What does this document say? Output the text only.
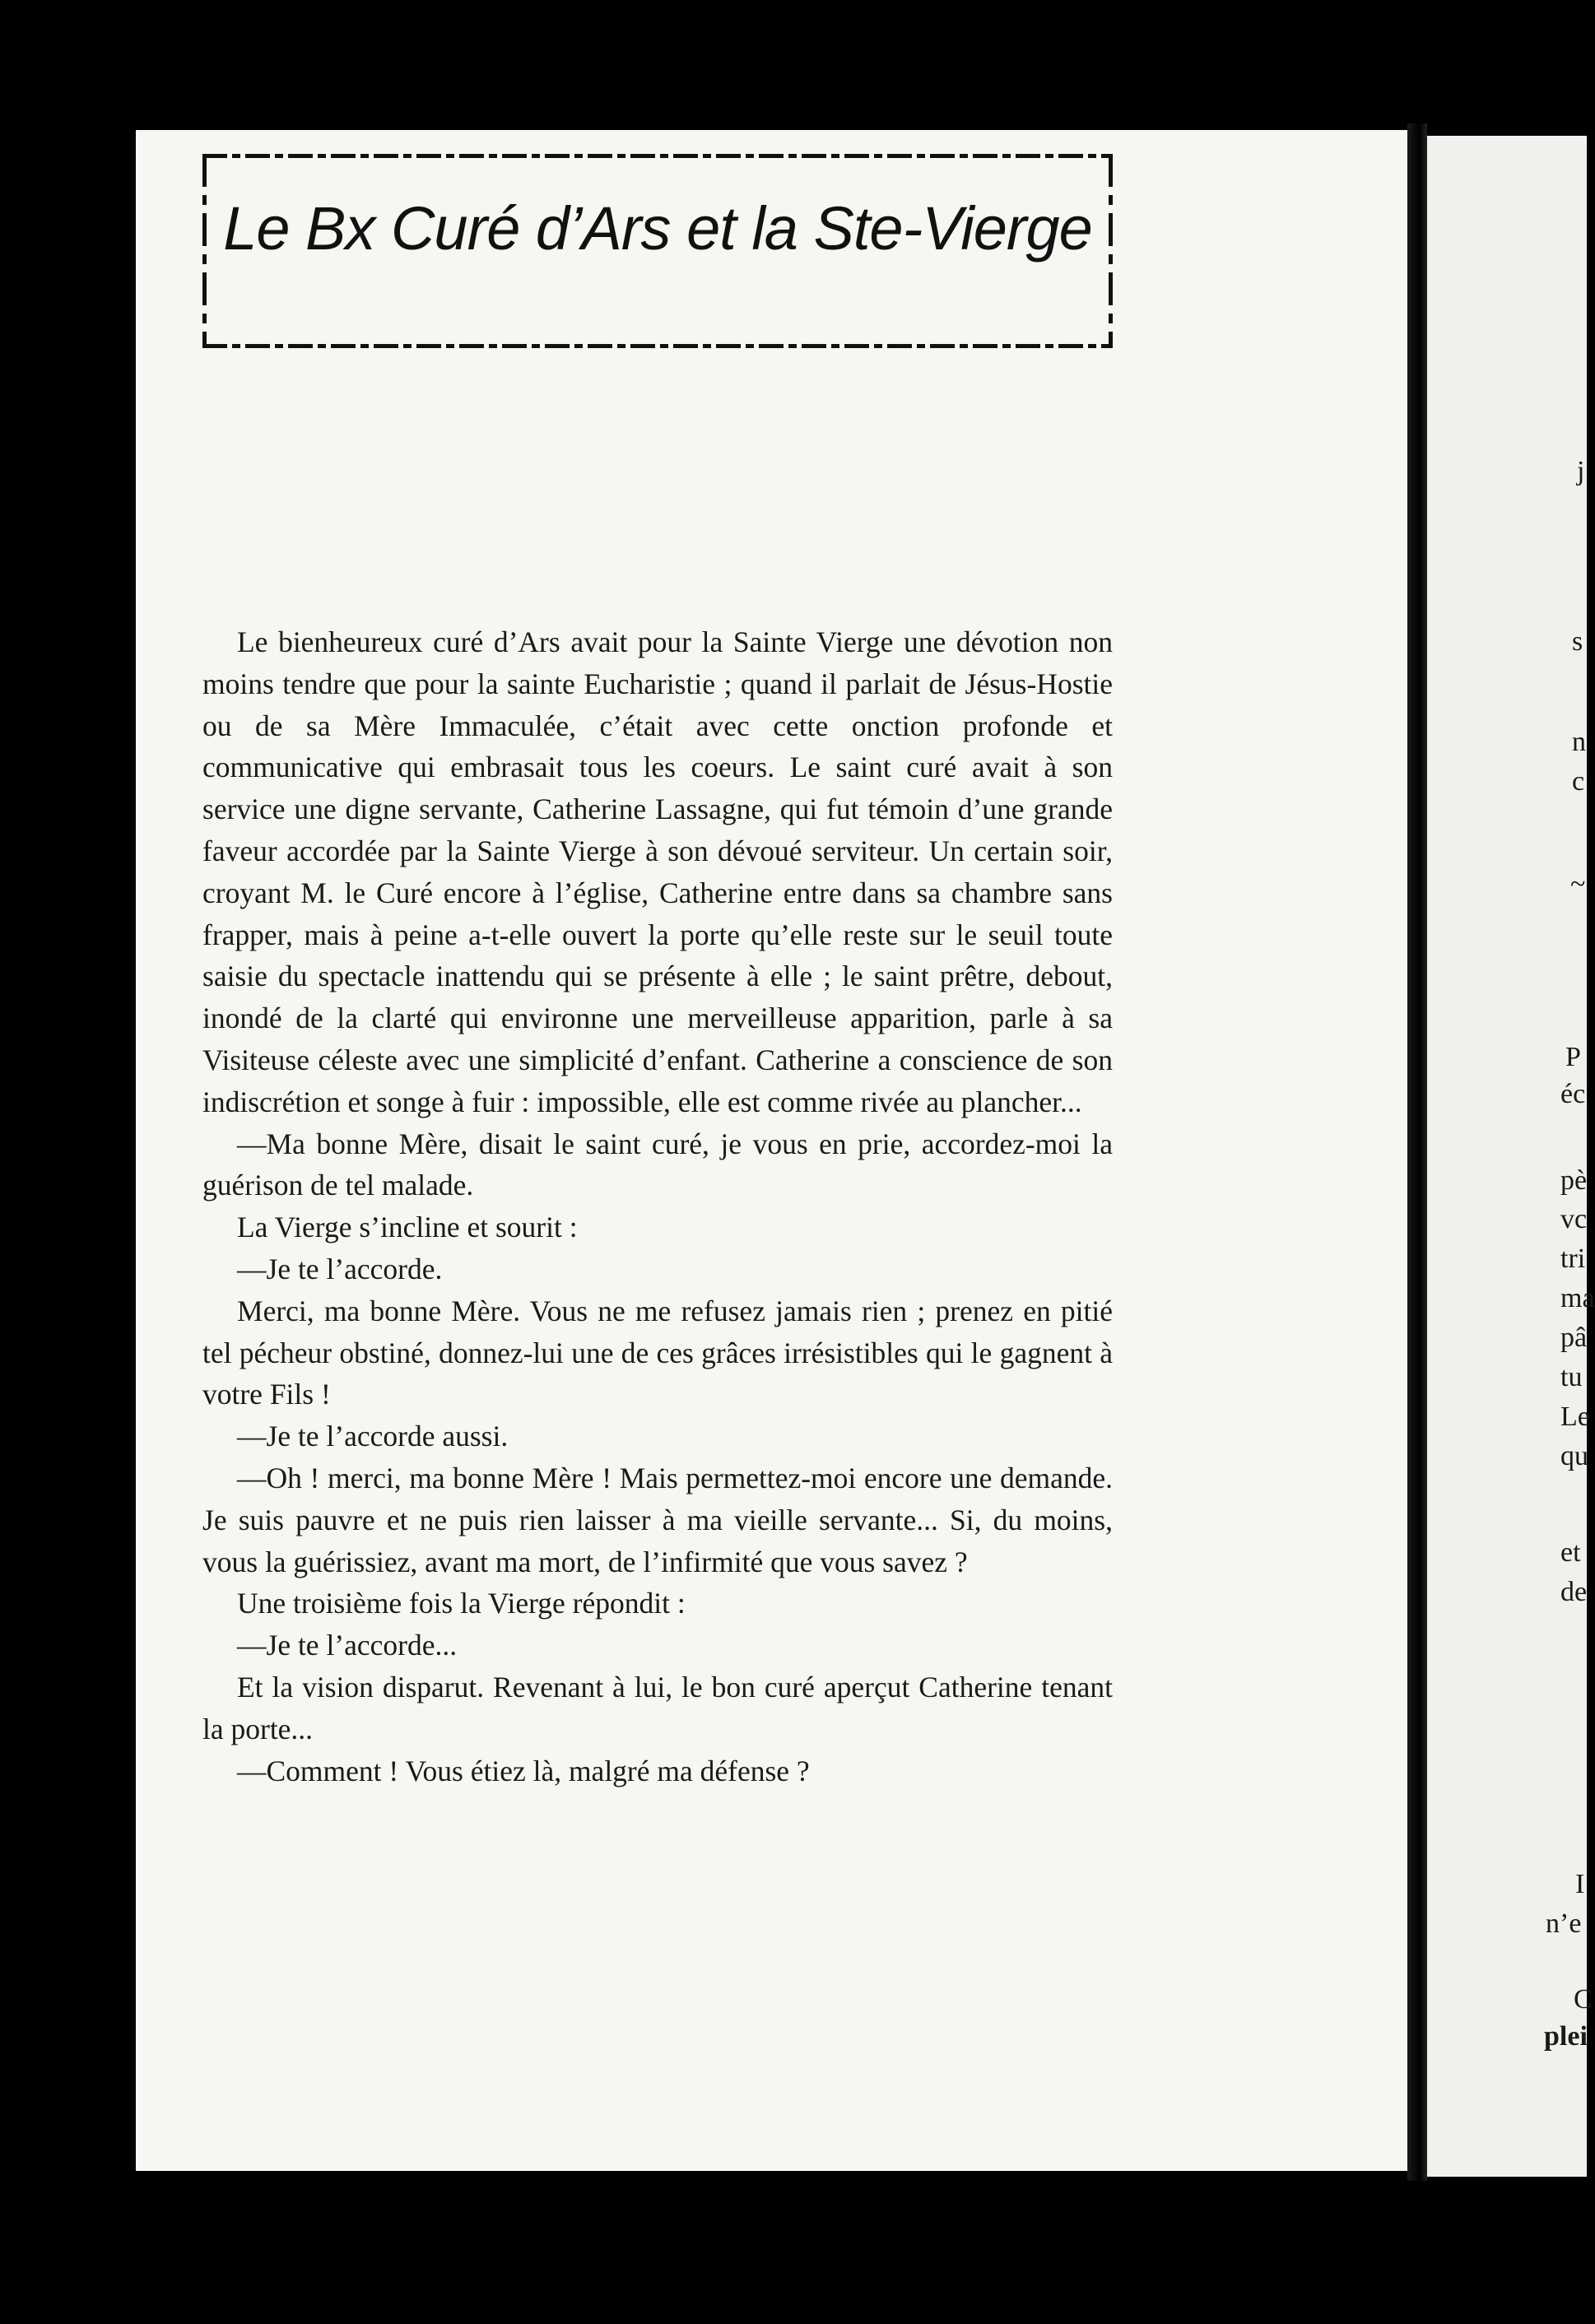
j
s
n
c
~
P
éc
pè
vc
tri
ma
pâ
tu
Le
qu
et
de
I
n’e
C
plei
Le Bx Curé d’Ars et la Ste-Vierge

Le bienheureux curé d’Ars avait pour la Sainte Vierge une dévotion non moins tendre que pour la sainte Eucharistie ; quand il parlait de Jésus-Hostie ou de sa Mère Immaculée, c’était avec cette onction profonde et communicative qui embrasait tous les coeurs. Le saint curé avait à son service une digne servante, Catherine Lassagne, qui fut témoin d’une grande faveur accordée par la Sainte Vierge à son dévoué serviteur. Un certain soir, croyant M. le Curé encore à l’église, Catherine entre dans sa chambre sans frapper, mais à peine a-t-elle ouvert la porte qu’elle reste sur le seuil toute saisie du spectacle inattendu qui se présente à elle ; le saint prêtre, debout, inondé de la clarté qui environne une merveilleuse apparition, parle à sa Visiteuse céleste avec une simplicité d’enfant. Catherine a conscience de son indiscrétion et songe à fuir : impossible, elle est comme rivée au plancher...

—Ma bonne Mère, disait le saint curé, je vous en prie, accordez-moi la guérison de tel malade.

La Vierge s’incline et sourit :

—Je te l’accorde.

Merci, ma bonne Mère. Vous ne me refusez jamais rien ; prenez en pitié tel pécheur obstiné, donnez-lui une de ces grâces irrésistibles qui le gagnent à votre Fils !

—Je te l’accorde aussi.

—Oh ! merci, ma bonne Mère ! Mais permettez-moi encore une demande. Je suis pauvre et ne puis rien laisser à ma vieille servante... Si, du moins, vous la guérissiez, avant ma mort, de l’infirmité que vous savez ?

Une troisième fois la Vierge répondit :

—Je te l’accorde...

Et la vision disparut. Revenant à lui, le bon curé aperçut Catherine tenant la porte...

—Comment ! Vous étiez là, malgré ma défense ?
